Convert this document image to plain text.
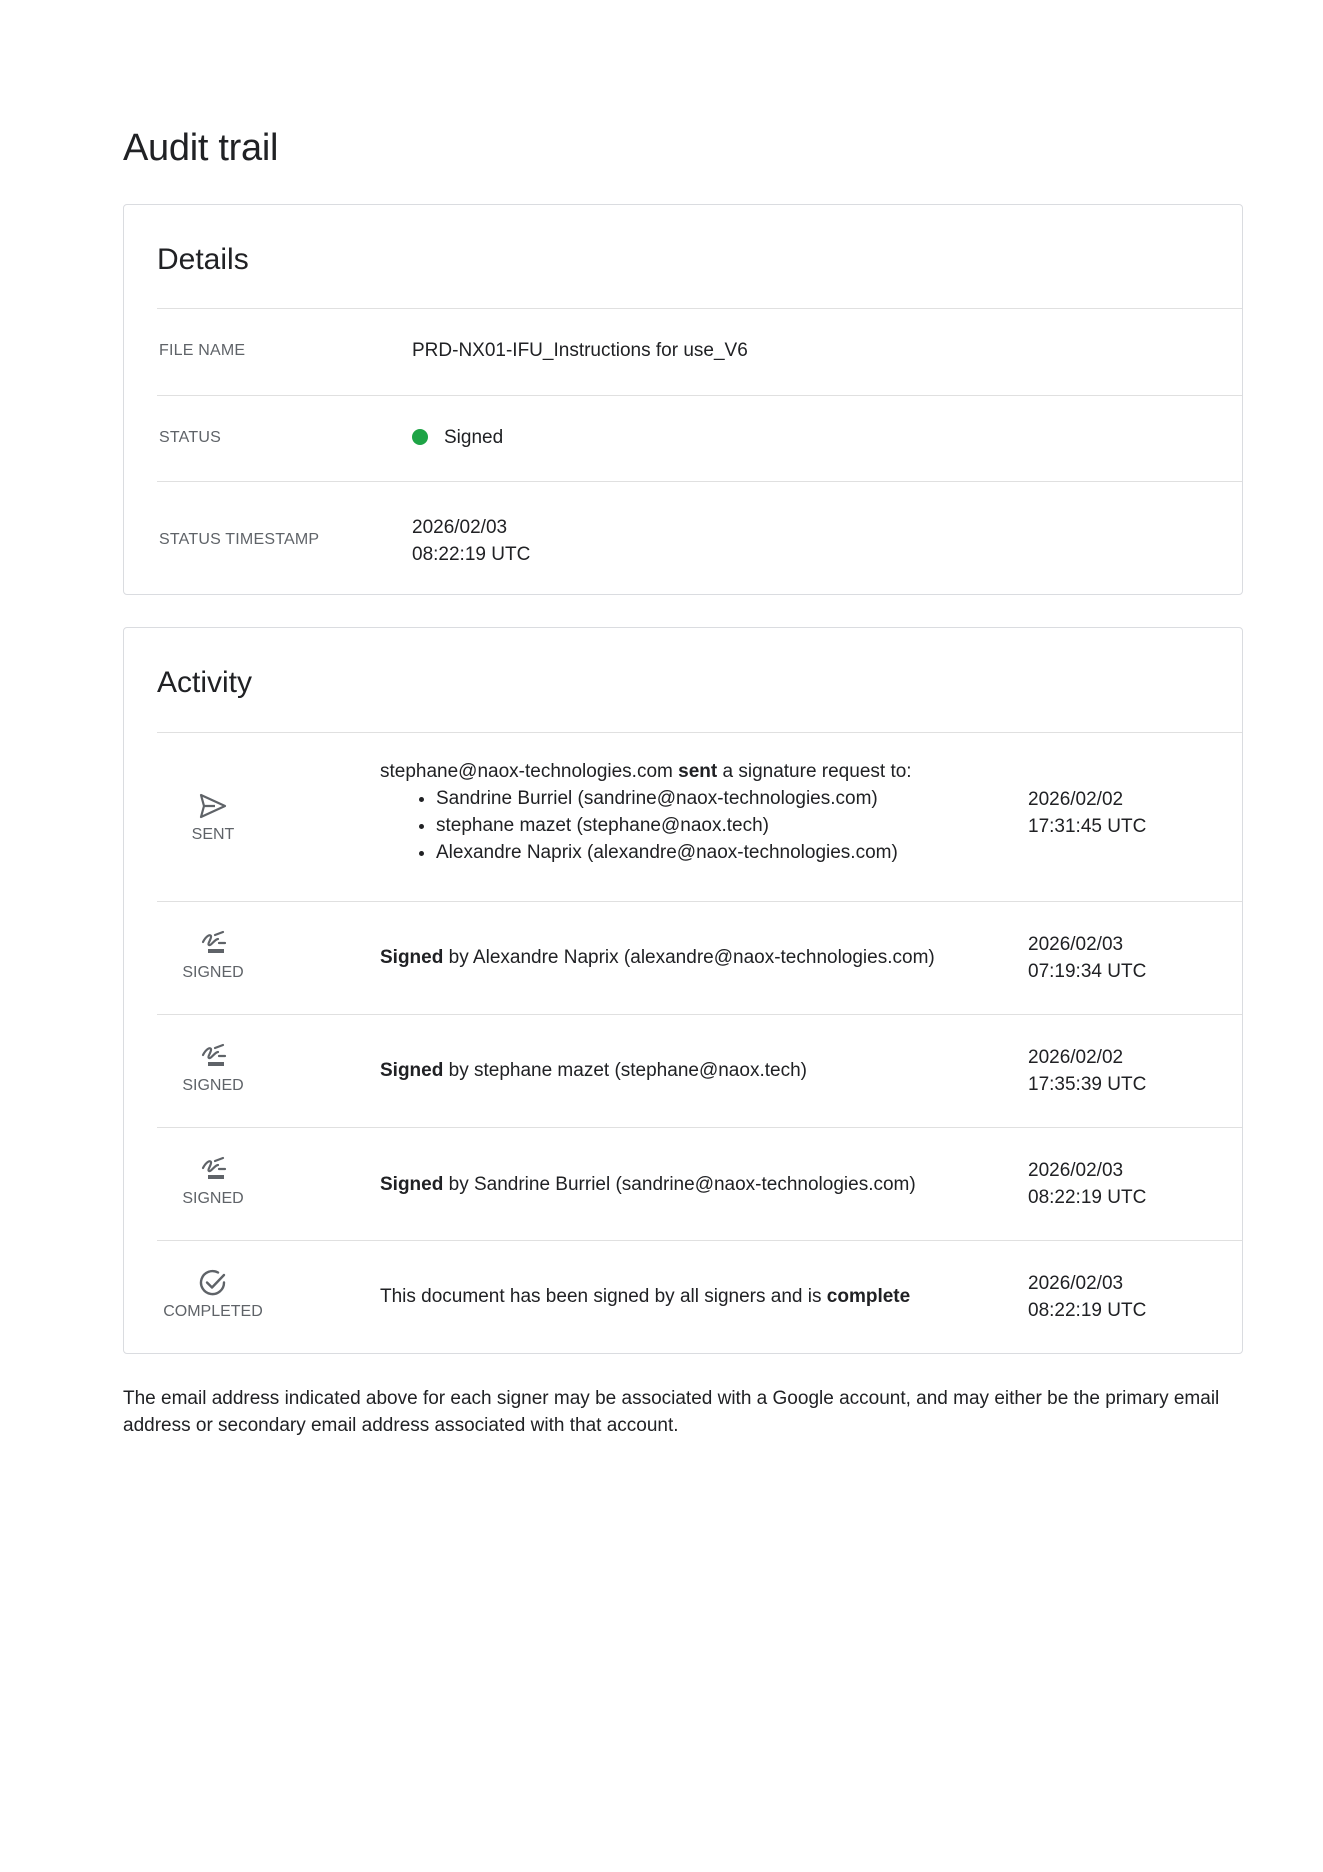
Audit trail
Details
FILE NAME	PRD-NX01-IFU_Instructions for use_V6
STATUS	Signed
STATUS TIMESTAMP
2026/02/03
08:22:19 UTC
Activity
SENT
stephane@naox-technologies.com sent a signature request to:
• Sandrine Burriel (sandrine@naox-technologies.com)
• stephane mazet (stephane@naox.tech)
• Alexandre Naprix (alexandre@naox-technologies.com)
2026/02/02
17:31:45 UTC
SIGNED
Signed by Alexandre Naprix (alexandre@naox-technologies.com)
2026/02/03
07:19:34 UTC
SIGNED
Signed by stephane mazet (stephane@naox.tech)
2026/02/02
17:35:39 UTC
SIGNED
Signed by Sandrine Burriel (sandrine@naox-technologies.com)
2026/02/03
08:22:19 UTC
COMPLETED
This document has been signed by all signers and is complete
2026/02/03
08:22:19 UTC

The email address indicated above for each signer may be associated with a Google account, and may either be the primary email address or secondary email address associated with that account.
